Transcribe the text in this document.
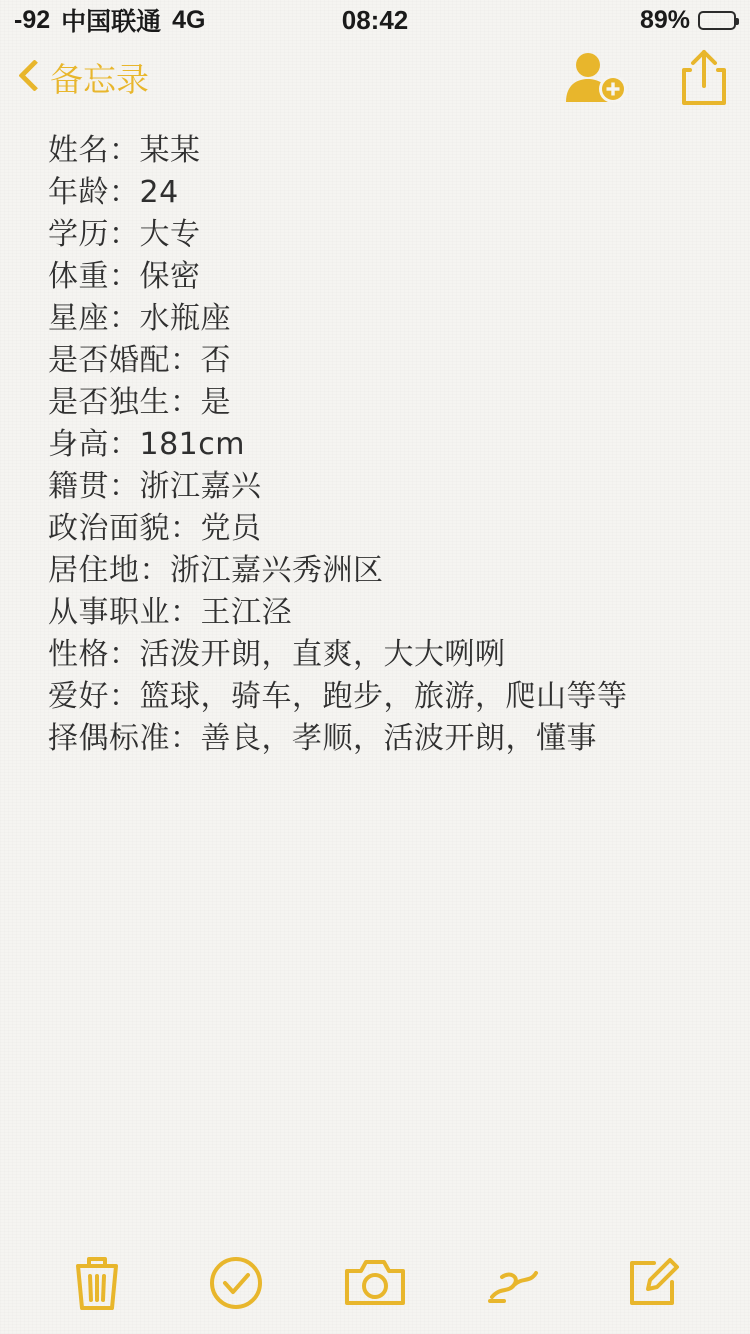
-92 中国联通 4G	08:42	89%
备忘录
姓名：某某
年龄：24
学历：大专
体重：保密
星座：水瓶座
是否婚配：否
是否独生：是
身高：181cm
籍贯：浙江嘉兴
政治面貌：党员
居住地：浙江嘉兴秀洲区
从事职业：王江泾
性格：活泼开朗，直爽，大大咧咧
爱好：篮球，骑车，跑步，旅游，爬山等等
择偶标准：善良，孝顺，活波开朗，懂事
